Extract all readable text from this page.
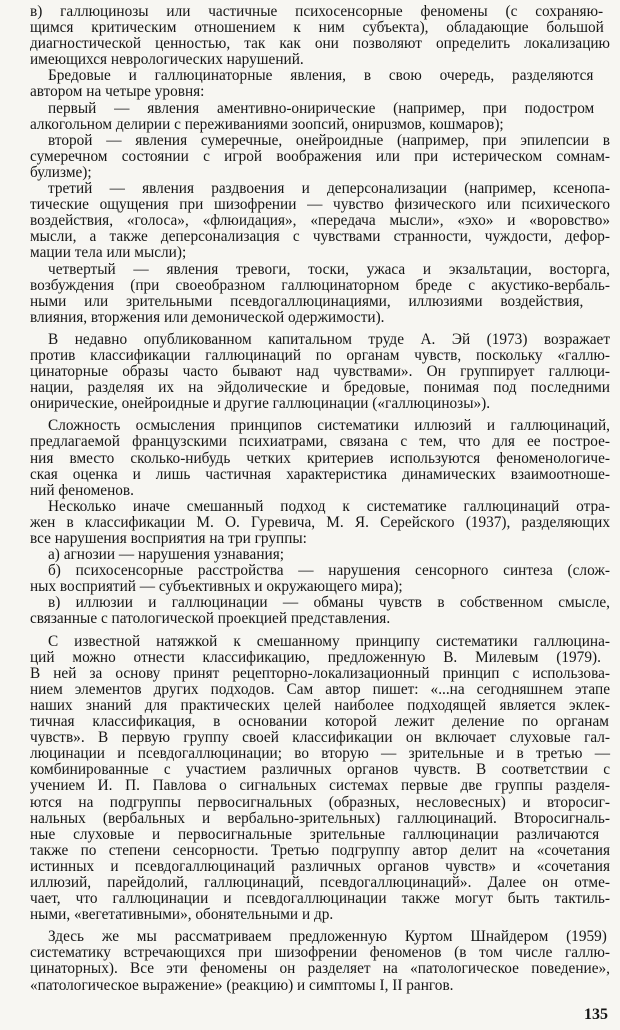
в) галлюцинозы или частичные психосенсорные феномены (с сохраняю-
щимся критическим отношением к ним субъекта), обладающие большой
диагностической ценностью, так как они позволяют определить локализацию
имеющихся неврологических нарушений.
Бредовые и галлюцинаторные явления, в свою очередь, разделяются
автором на четыре уровня:
первый — явления аментивно-онирические (например, при подостром
алкогольном делирии с переживаниями зоопсий, онирuзмов, кошмаров);
второй — явления сумеречные, онейроидные (например, при эпилепсии в
сумеречном состоянии с игрой воображения или при истерическом сомнам-
булизме);
третий — явления раздвоения и деперсонализации (например, ксенопа-
тические ощущения при шизофрении — чувство физического или психического
воздействия, «голоса», «флюидация», «передача мысли», «эхо» и «воровство»
мысли, а также деперсонализация с чувствами странности, чуждости, дефор-
мации тела или мысли);
четвертый — явления тревоги, тоски, ужаса и экзальтации, восторга,
возбуждения (при своеобразном галлюцинаторном бреде с акустико-вербаль-
ными или зрительными псевдогаллюцинациями, иллюзиями воздействия,
влияния, вторжения или демонической одержимости).
В недавно опубликованном капитальном труде А. Эй (1973) возражает
против классификации галлюцинаций по органам чувств, поскольку «галлю-
цинаторные образы часто бывают над чувствами». Он группирует галлюци-
нации, разделяя их на эйдолические и бредовые, понимая под последними
онирические, онейроидные и другие галлюцинации («галлюцинозы»).
Сложность осмысления принципов систематики иллюзий и галлюцинаций,
предлагаемой французскими психиатрами, связана с тем, что для ее построе-
ния вместо сколько-нибудь четких критериев используются феноменологиче-
ская оценка и лишь частичная характеристика динамических взаимоотноше-
ний феноменов.
Несколько иначе смешанный подход к систематике галлюцинаций отра-
жен в классификации М. О. Гуревича, М. Я. Серейского (1937), разделяющих
все нарушения восприятия на три группы:
а) агнозии — нарушения узнавания;
б) психосенсорные расстройства — нарушения сенсорного синтеза (слож-
ных восприятий — субъективных и окружающего мира);
в) иллюзии и галлюцинации — обманы чувств в собственном смысле,
связанные с патологической проекцией представления.
С известной натяжкой к смешанному принципу систематики галлюцина-
ций можно отнести классификацию, предложенную В. Милевым (1979).
В ней за основу принят рецепторно-локализационный принцип с использова-
нием элементов других подходов. Сам автор пишет: «...на сегодняшнем этапе
наших знаний для практических целей наиболее подходящей является эклек-
тичная классификация, в основании которой лежит деление по органам
чувств». В первую группу своей классификации он включает слуховые гал-
люцинации и псевдогаллюцинации; во вторую — зрительные и в третью —
комбинированные с участием различных органов чувств. В соответствии с
учением И. П. Павлова о сигнальных системах первые две группы разделя-
ются на подгруппы первосигнальных (образных, несловесных) и второсиг-
нальных (вербальных и вербально-зрительных) галлюцинаций. Второсигналь-
ные слуховые и первосигнальные зрительные галлюцинации различаются
также по степени сенсорности. Третью подгруппу автор делит на «сочетания
истинных и псевдогаллюцинаций различных органов чувств» и «сочетания
иллюзий, парейдолий, галлюцинаций, псевдогаллюцинаций». Далее он отме-
чает, что галлюцинации и псевдогаллюцинации также могут быть тактиль-
ными, «вегетативными», обонятельными и др.
Здесь же мы рассматриваем предложенную Куртом Шнайдером (1959)
систематику встречающихся при шизофрении феноменов (в том числе галлю-
цинаторных). Все эти феномены он разделяет на «патологическое поведение»,
«патологическое выражение» (реакцию) и симптомы I, II рангов.
135
